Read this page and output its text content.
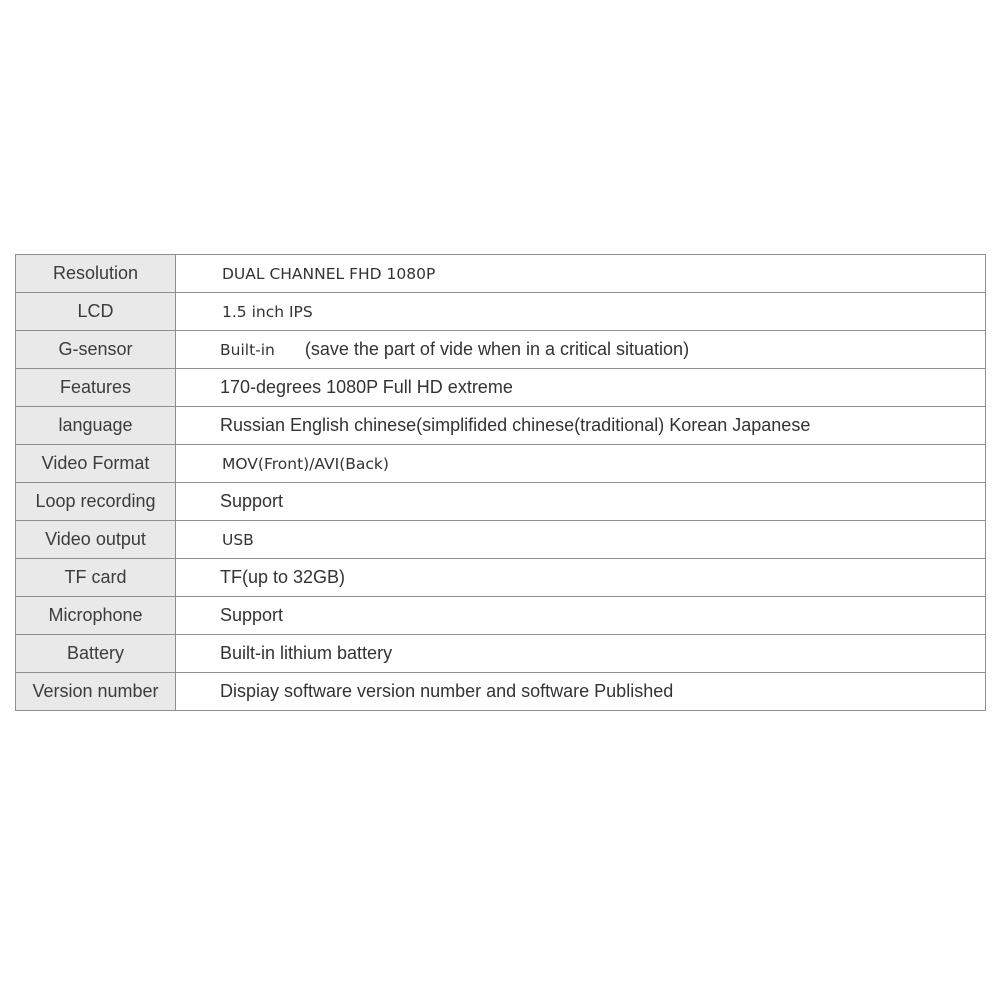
Resolution	DUAL CHANNEL FHD 1080P
LCD	1.5 inch IPS
G-sensor	Built-in (save the part of vide when in a critical situation)
Features	170-degrees 1080P Full HD extreme
language	Russian English chinese(simplifided chinese(traditional) Korean Japanese
Video Format	MOV(Front)/AVI(Back)
Loop recording	Support
Video output	USB
TF card	TF(up to 32GB)
Microphone	Support
Battery	Built-in lithium battery
Version number	Dispiay software version number and software Published
